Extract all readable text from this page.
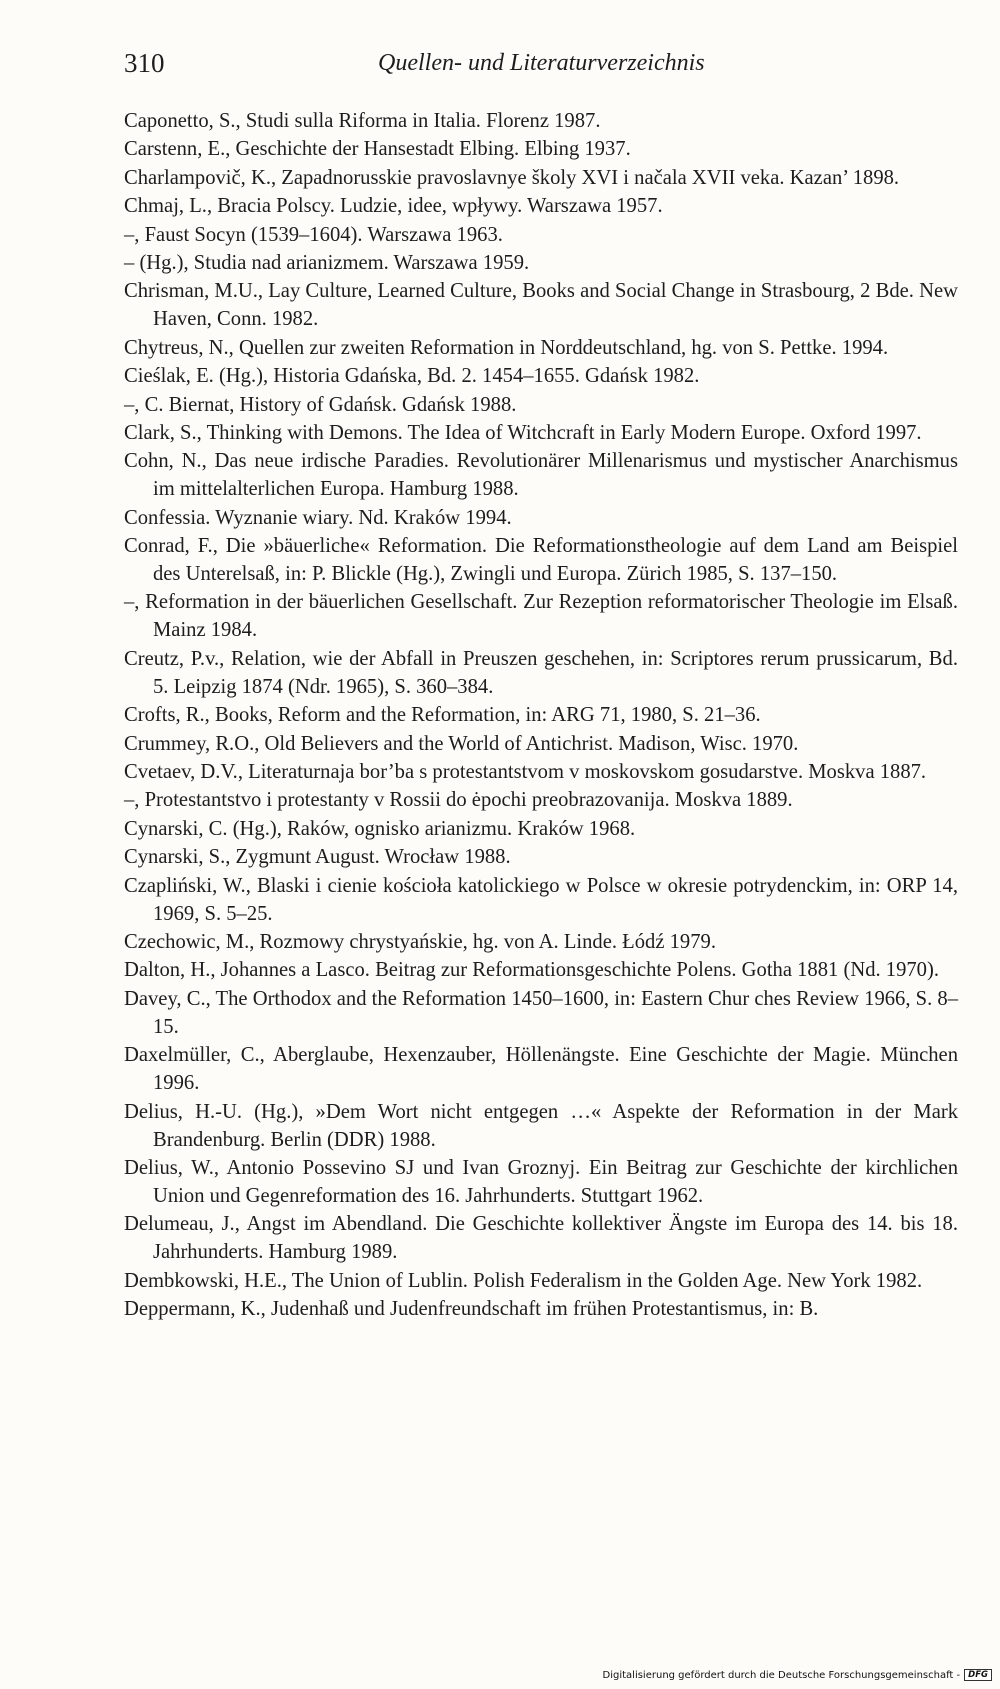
310	Quellen- und Literaturverzeichnis

Caponetto, S., Studi sulla Riforma in Italia. Florenz 1987.

Carstenn, E., Geschichte der Hansestadt Elbing. Elbing 1937.

Charlampovič, K., Zapadnorusskie pravoslavnye školy XVI i načala XVII veka. Kazan’ 1898.

Chmaj, L., Bracia Polscy. Ludzie, idee, wpływy. Warszawa 1957.

–, Faust Socyn (1539–1604). Warszawa 1963.

– (Hg.), Studia nad arianizmem. Warszawa 1959.

Chrisman, M.U., Lay Culture, Learned Culture, Books and Social Change in Strasbourg, 2 Bde. New Haven, Conn. 1982.

Chytreus, N., Quellen zur zweiten Reformation in Norddeutschland, hg. von S. Pettke. 1994.

Cieślak, E. (Hg.), Historia Gdańska, Bd. 2. 1454–1655. Gdańsk 1982.

–, C. Biernat, History of Gdańsk. Gdańsk 1988.

Clark, S., Thinking with Demons. The Idea of Witchcraft in Early Modern Europe. Oxford 1997.

Cohn, N., Das neue irdische Paradies. Revolutionärer Millenarismus und mystischer Anarchismus im mittelalterlichen Europa. Hamburg 1988.

Confessia. Wyznanie wiary. Nd. Kraków 1994.

Conrad, F., Die »bäuerliche« Reformation. Die Reformationstheologie auf dem Land am Beispiel des Unterelsaß, in: P. Blickle (Hg.), Zwingli und Europa. Zürich 1985, S. 137–150.

–, Reformation in der bäuerlichen Gesellschaft. Zur Rezeption reformatorischer Theologie im Elsaß. Mainz 1984.

Creutz, P.v., Relation, wie der Abfall in Preuszen geschehen, in: Scriptores rerum prussicarum, Bd. 5. Leipzig 1874 (Ndr. 1965), S. 360–384.

Crofts, R., Books, Reform and the Reformation, in: ARG 71, 1980, S. 21–36.

Crummey, R.O., Old Believers and the World of Antichrist. Madison, Wisc. 1970.

Cvetaev, D.V., Literaturnaja bor’ba s protestantstvom v moskovskom gosudarstve. Moskva 1887.

–, Protestantstvo i protestanty v Rossii do ėpochi preobrazovanija. Moskva 1889.

Cynarski, C. (Hg.), Raków, ognisko arianizmu. Kraków 1968.

Cynarski, S., Zygmunt August. Wrocław 1988.

Czapliński, W., Blaski i cienie kościoła katolickiego w Polsce w okresie potrydenckim, in: ORP 14, 1969, S. 5–25.

Czechowic, M., Rozmowy chrystyańskie, hg. von A. Linde. Łódź 1979.

Dalton, H., Johannes a Lasco. Beitrag zur Reformationsgeschichte Polens. Gotha 1881 (Nd. 1970).

Davey, C., The Orthodox and the Reformation 1450–1600, in: Eastern Chur ches Review 1966, S. 8–15.

Daxelmüller, C., Aberglaube, Hexenzauber, Höllenängste. Eine Geschichte der Magie. München 1996.

Delius, H.-U. (Hg.), »Dem Wort nicht entgegen …« Aspekte der Reformation in der Mark Brandenburg. Berlin (DDR) 1988.

Delius, W., Antonio Possevino SJ und Ivan Groznyj. Ein Beitrag zur Geschichte der kirchlichen Union und Gegenreformation des 16. Jahrhunderts. Stuttgart 1962.

Delumeau, J., Angst im Abendland. Die Geschichte kollektiver Ängste im Europa des 14. bis 18. Jahrhunderts. Hamburg 1989.

Dembkowski, H.E., The Union of Lublin. Polish Federalism in the Golden Age. New York 1982.

Deppermann, K., Judenhaß und Judenfreundschaft im frühen Protestantismus, in: B.

Digitalisierung gefördert durch die Deutsche Forschungsgemeinschaft - DFG
